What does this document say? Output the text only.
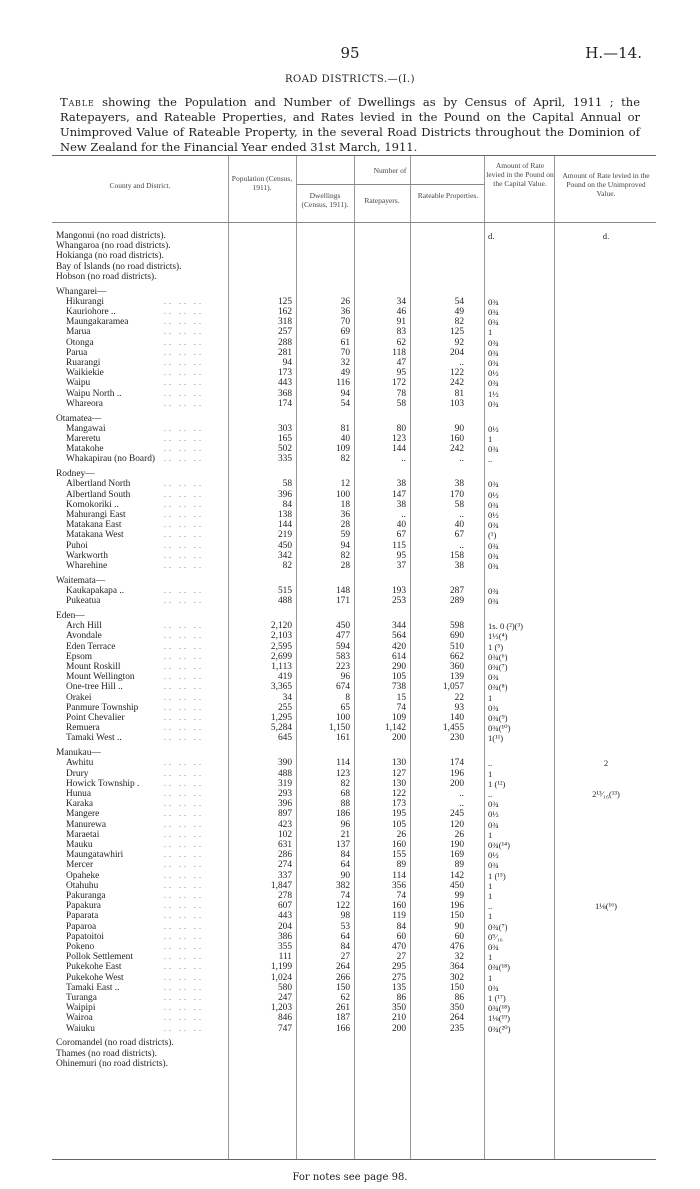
95	H.—14.
ROAD DISTRICTS.—(I.)
Table showing the Population and Number of Dwellings as by Census of April, 1911 ; the Ratepayers, and Rateable Properties, and Rates levied in the Pound on the Capital Annual or Unimproved Value of Rateable Property, in the several Road Districts throughout the Dominion of New Zealand for the Financial Year ended 31st March, 1911.
County and District.
Population (Census, 1911).
Number of
Dwellings (Census, 1911).	Ratepayers.
Rateable Properties.
Amount of Rate levied in the Pound on the Capital Value.
Amount of Rate levied in the Pound on the Unimproved Value.
Mangonui (no road districts).	d.	d.
Whangaroa (no road districts).
Hokianga (no road districts).
Bay of Islands (no road districts).
Hobson (no road districts).
Whangarei—
Hikurangi	.. .. ..	125	26	34	54	0¾
Kauriohore ..	.. .. ..	162	36	46	49	0¾
Maungakaramea	.. .. ..	318	70	91	82	0¾
Marua	.. .. ..	257	69	83	125	1
Otonga	.. .. ..	288	61	62	92	0¾
Parua	.. .. ..	281	70	118	204	0¾
Ruarangi	.. .. ..	94	32	47	..	0¾
Waikiekie	.. .. ..	173	49	95	122	0½
Waipu	.. .. ..	443	116	172	242	0¾
Waipu North ..	.. .. ..	368	94	78	81	1½
Whareora	.. .. ..	174	54	58	103	0¾
Otamatea—
Mangawai	.. .. ..	303	81	80	90	0½
Mareretu	.. .. ..	165	40	123	160	1
Matakohe	.. .. ..	502	109	144	242	0¾
Whakapirau (no Board) .. .. ..	335	82	..	..	..
Rodney—
Albertland North	.. .. ..	58	12	38	38	0¾
Albertland South	.. .. ..	396	100	147	170	0½
Komokoriki ..	.. .. ..	84	18	38	58	0¾
Mahurangi East	.. .. ..	138	36	..	..	0½
Matakana East	.. .. ..	144	28	40	40	0¾
Matakana West	.. .. ..	219	59	67	67	(¹)
Puhoi	.. .. ..	450	94	115	..	0¾
Warkworth	.. .. ..	342	82	95	158	0¾
Wharehine	.. .. ..	82	28	37	38	0¾
Waitemata—
Kaukapakapa ..	.. .. ..	515	148	193	287	0¾
Pukeatua	.. .. ..	488	171	253	289	0¾
Eden—
Arch Hill	.. .. ..	2,120	450	344	598	1s. 0 (²)(³)
Avondale	.. .. ..	2,103	477	564	690	1⅓(⁴)
Eden Terrace	.. .. ..	2,595	594	420	510	1 (⁵)
Epsom	.. .. ..	2,699	583	614	662	0¾(⁶)
Mount Roskill	.. .. ..	1,113	223	290	360	0¾(⁷)
Mount Wellington	.. .. ..	419	96	105	139	0¾
One-tree Hill ..	.. .. ..	3,365	674	738	1,057	0¾(⁸)
Orakei	.. .. ..	34	8	15	22	1
Panmure Township	.. .. ..	255	65	74	93	0¾
Point Chevalier	.. .. ..	1,295	100	109	140	0¾(⁹)
Remuera	.. .. ..	5,284	1,150	1,142	1,455	0¾(¹⁰)
Tamaki West ..	.. .. ..	645	161	200	230	1(¹¹)
Manukau—
Awhitu	.. .. ..	390	114	130	174	..	2
Drury	.. .. ..	488	123	127	196	1
Howick Township .	.. .. ..	319	82	130	200	1 (¹²)
Hunua	.. .. ..	293	68	122	..	..	2¹³⁄₁₆(¹³)
Karaka	.. .. ..	396	88	173	..	0¾
Mangere	.. .. ..	897	186	195	245	0½
Manurewa	.. .. ..	423	96	105	120	0¾
Maraetai	.. .. ..	102	21	26	26	1
Mauku	.. .. ..	631	137	160	190	0¾(¹⁴)
Maungatawhiri	.. .. ..	286	84	155	169	0½
Mercer	.. .. ..	274	64	89	89	0¾
Opaheke	.. .. ..	337	90	114	142	1 (¹⁵)
Otahuhu	.. .. ..	1,847	382	356	450	1
Pakuranga	.. .. ..	278	74	74	99	1
Papakura	.. .. ..	607	122	160	196	..	1⅛(¹⁶)
Paparata	.. .. ..	443	98	119	150	1
Paparoa	.. .. ..	204	53	84	90	0¾(⁷)
Papatoitoi	.. .. ..	386	64	60	60	0⁹⁄₁₆
Pokeno	.. .. ..	355	84	470	476	0¾
Pollok Settlement	.. .. ..	111	27	27	32	1
Pukekohe East	.. .. ..	1,199	264	295	364	0¾(¹⁸)
Pukekohe West	.. .. ..	1,024	266	275	302	1
Tamaki East ..	.. .. ..	580	150	135	150	0¾
Turanga	.. .. ..	247	62	86	86	1 (¹⁷)
Waipipi	.. .. ..	1,203	261	350	350	0¾(¹⁸)
Wairoa	.. .. ..	846	187	210	264	1⅛(¹⁹)
Waiuku	.. .. ..	747	166	200	235	0¾(²⁰)
Coromandel (no road districts).
Thames (no road districts).
Ohinemuri (no road districts).
For notes see page 98.
